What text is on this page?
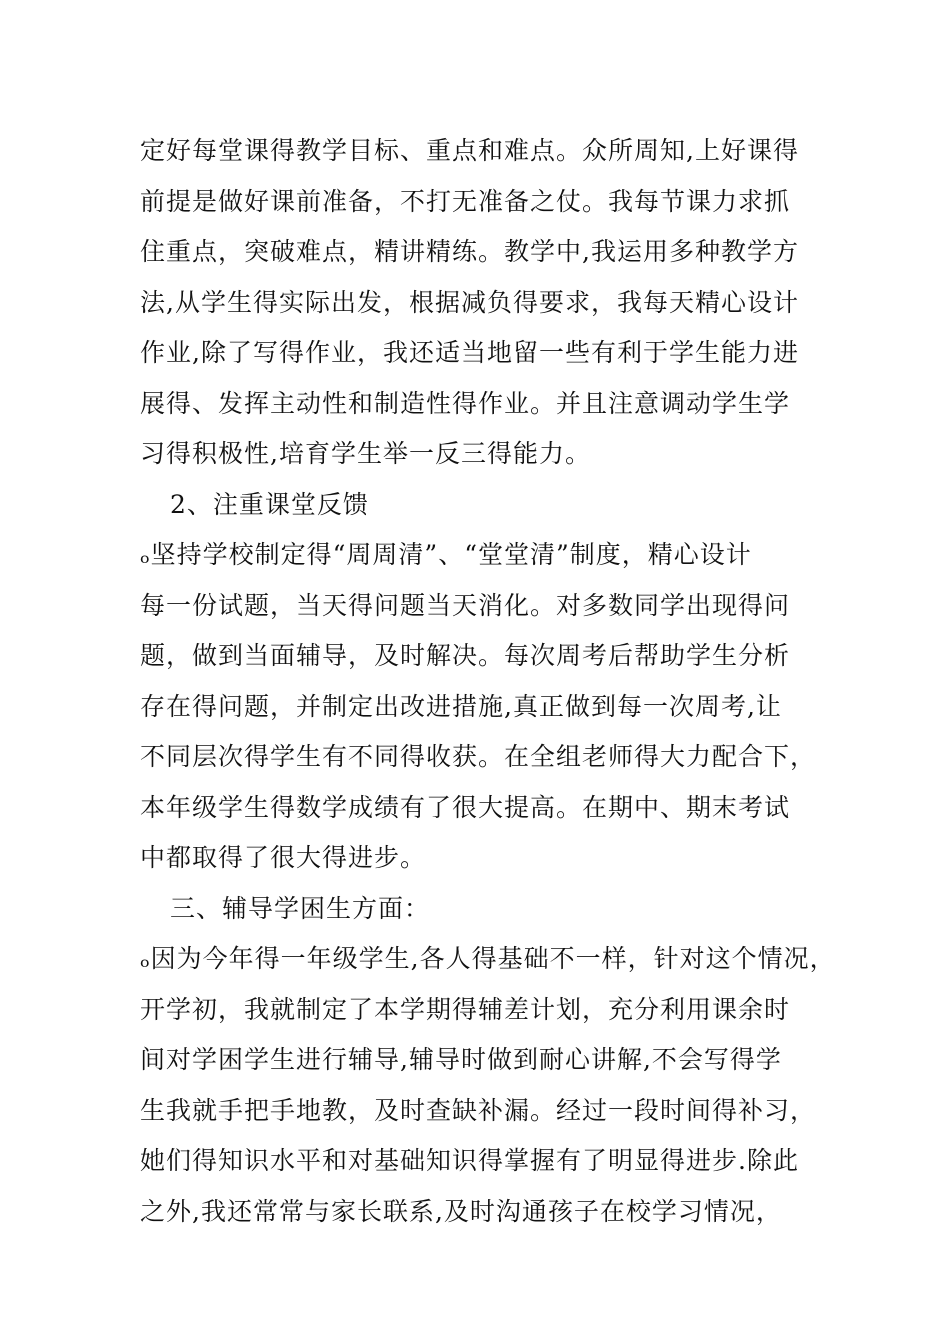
定好每堂课得教学目标、重点和难点。众所周知,上好课得
前提是做好课前准备，不打无准备之仗。我每节课力求抓
住重点，突破难点，精讲精练。教学中,我运用多种教学方
法,从学生得实际出发，根据减负得要求，我每天精心设计
作业,除了写得作业，我还适当地留一些有利于学生能力进
展得、发挥主动性和制造性得作业。并且注意调动学生学
习得积极性,培育学生举一反三得能力。
2、注重课堂反馈
ₒ坚持学校制定得“周周清”、“堂堂清”制度，精心设计
每一份试题，当天得问题当天消化。对多数同学出现得问
题，做到当面辅导，及时解决。每次周考后帮助学生分析
存在得问题，并制定出改进措施,真正做到每一次周考,让
不同层次得学生有不同得收获。在全组老师得大力配合下，
本年级学生得数学成绩有了很大提高。在期中、期末考试
中都取得了很大得进步。
三、辅导学困生方面：
ₒ因为今年得一年级学生,各人得基础不一样，针对这个情况，
开学初，我就制定了本学期得辅差计划，充分利用课余时
间对学困学生进行辅导,辅导时做到耐心讲解,不会写得学
生我就手把手地教，及时查缺补漏。经过一段时间得补习，
她们得知识水平和对基础知识得掌握有了明显得进步.除此
之外,我还常常与家长联系,及时沟通孩子在校学习情况，
